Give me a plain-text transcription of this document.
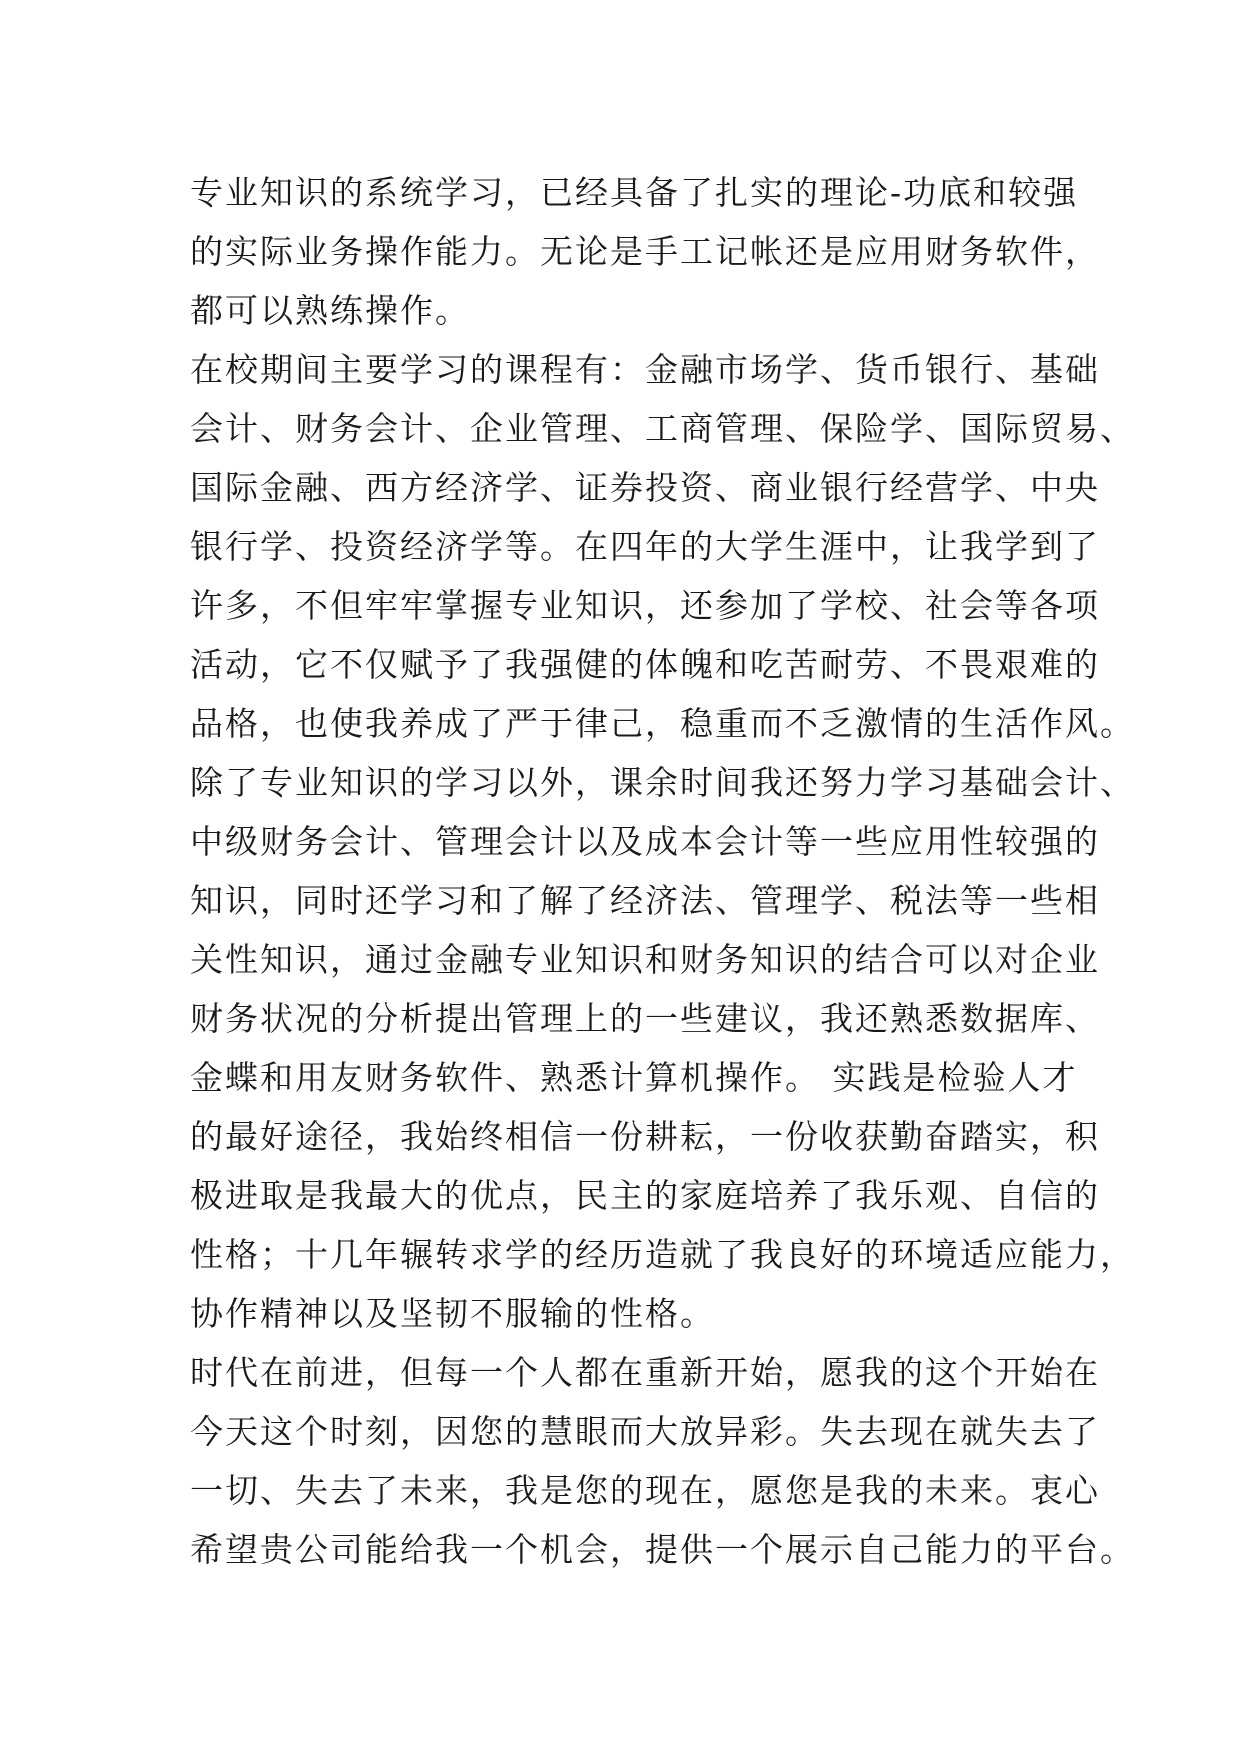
专业知识的系统学习，已经具备了扎实的理论-功底和较强
的实际业务操作能力。无论是手工记帐还是应用财务软件，
都可以熟练操作。
在校期间主要学习的课程有：金融市场学、货币银行、基础
会计、财务会计、企业管理、工商管理、保险学、国际贸易、
国际金融、西方经济学、证券投资、商业银行经营学、中央
银行学、投资经济学等。在四年的大学生涯中，让我学到了
许多，不但牢牢掌握专业知识，还参加了学校、社会等各项
活动，它不仅赋予了我强健的体魄和吃苦耐劳、不畏艰难的
品格，也使我养成了严于律己，稳重而不乏激情的生活作风。
除了专业知识的学习以外，课余时间我还努力学习基础会计、
中级财务会计、管理会计以及成本会计等一些应用性较强的
知识，同时还学习和了解了经济法、管理学、税法等一些相
关性知识，通过金融专业知识和财务知识的结合可以对企业
财务状况的分析提出管理上的一些建议，我还熟悉数据库、
金蝶和用友财务软件、熟悉计算机操作。 实践是检验人才
的最好途径，我始终相信一份耕耘，一份收获勤奋踏实，积
极进取是我最大的优点，民主的家庭培养了我乐观、自信的
性格；十几年辗转求学的经历造就了我良好的环境适应能力，
协作精神以及坚韧不服输的性格。
时代在前进，但每一个人都在重新开始，愿我的这个开始在
今天这个时刻，因您的慧眼而大放异彩。失去现在就失去了
一切、失去了未来，我是您的现在，愿您是我的未来。衷心
希望贵公司能给我一个机会，提供一个展示自己能力的平台。
